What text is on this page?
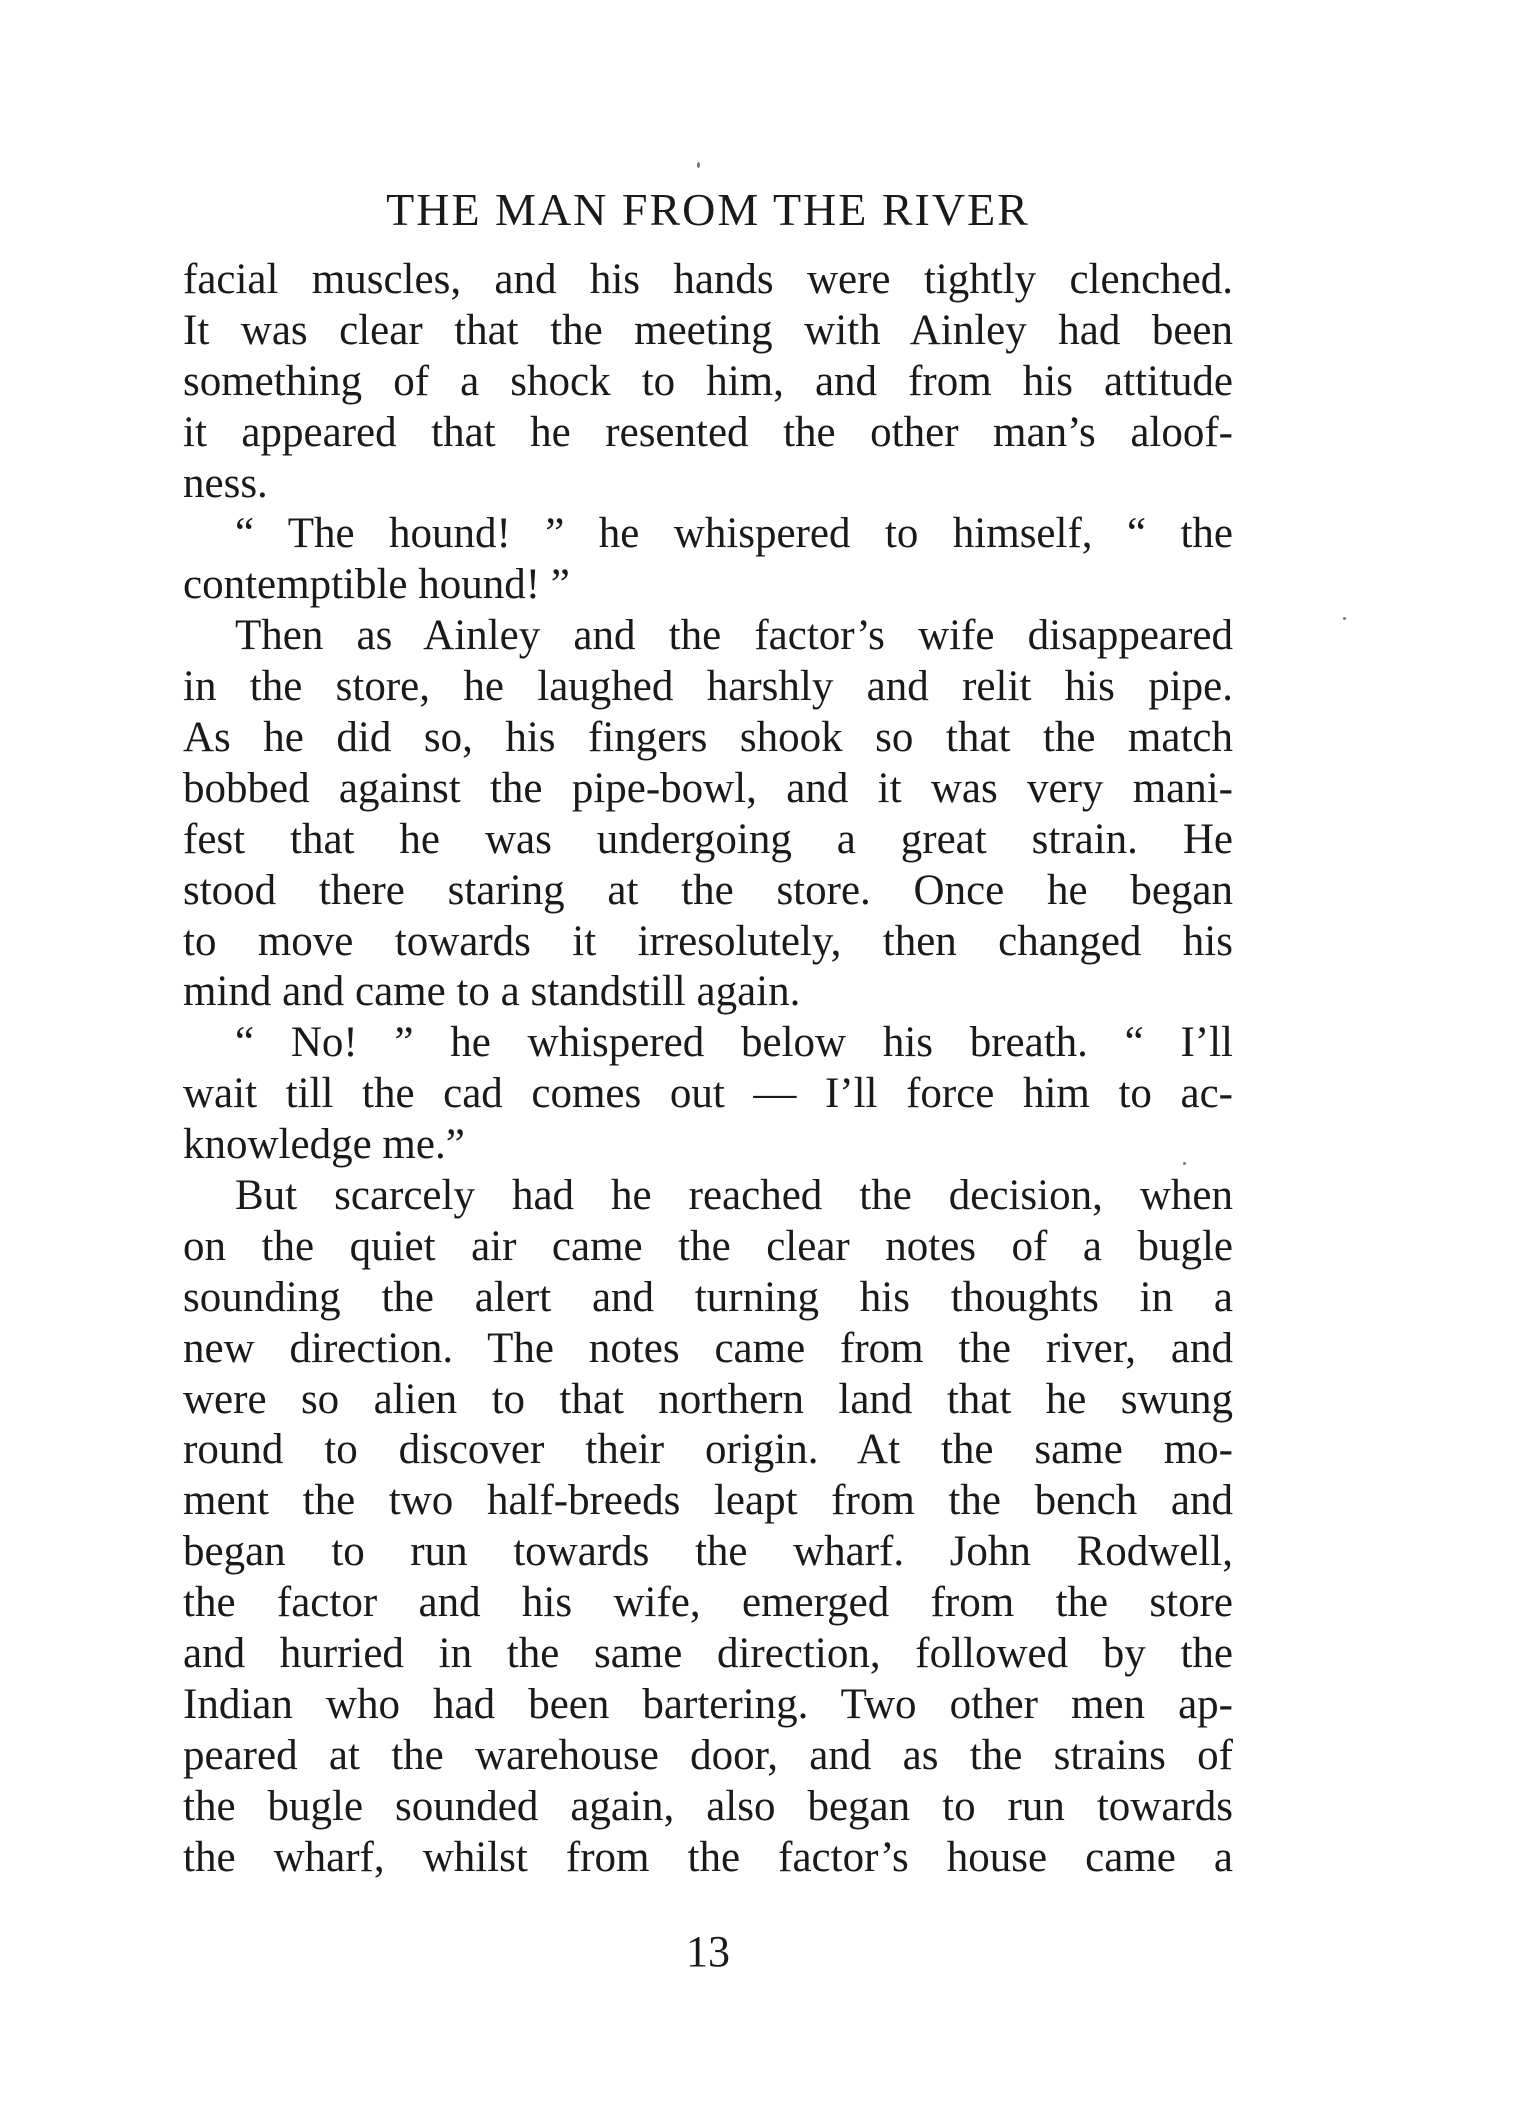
THE MAN FROM THE RIVER
facial muscles, and his hands were tightly clenched.
It was clear that the meeting with Ainley had been
something of a shock to him, and from his attitude
it appeared that he resented the other man’s aloof-
ness.
“ The hound! ” he whispered to himself, “ the
contemptible hound! ”
Then as Ainley and the factor’s wife disappeared
in the store, he laughed harshly and relit his pipe.
As he did so, his fingers shook so that the match
bobbed against the pipe-bowl, and it was very mani-
fest that he was undergoing a great strain. He
stood there staring at the store. Once he began
to move towards it irresolutely, then changed his
mind and came to a standstill again.
“ No! ” he whispered below his breath. “ I’ll
wait till the cad comes out — I’ll force him to ac-
knowledge me.”
But scarcely had he reached the decision, when
on the quiet air came the clear notes of a bugle
sounding the alert and turning his thoughts in a
new direction. The notes came from the river, and
were so alien to that northern land that he swung
round to discover their origin. At the same mo-
ment the two half-breeds leapt from the bench and
began to run towards the wharf. John Rodwell,
the factor and his wife, emerged from the store
and hurried in the same direction, followed by the
Indian who had been bartering. Two other men ap-
peared at the warehouse door, and as the strains of
the bugle sounded again, also began to run towards
the wharf, whilst from the factor’s house came a
13
